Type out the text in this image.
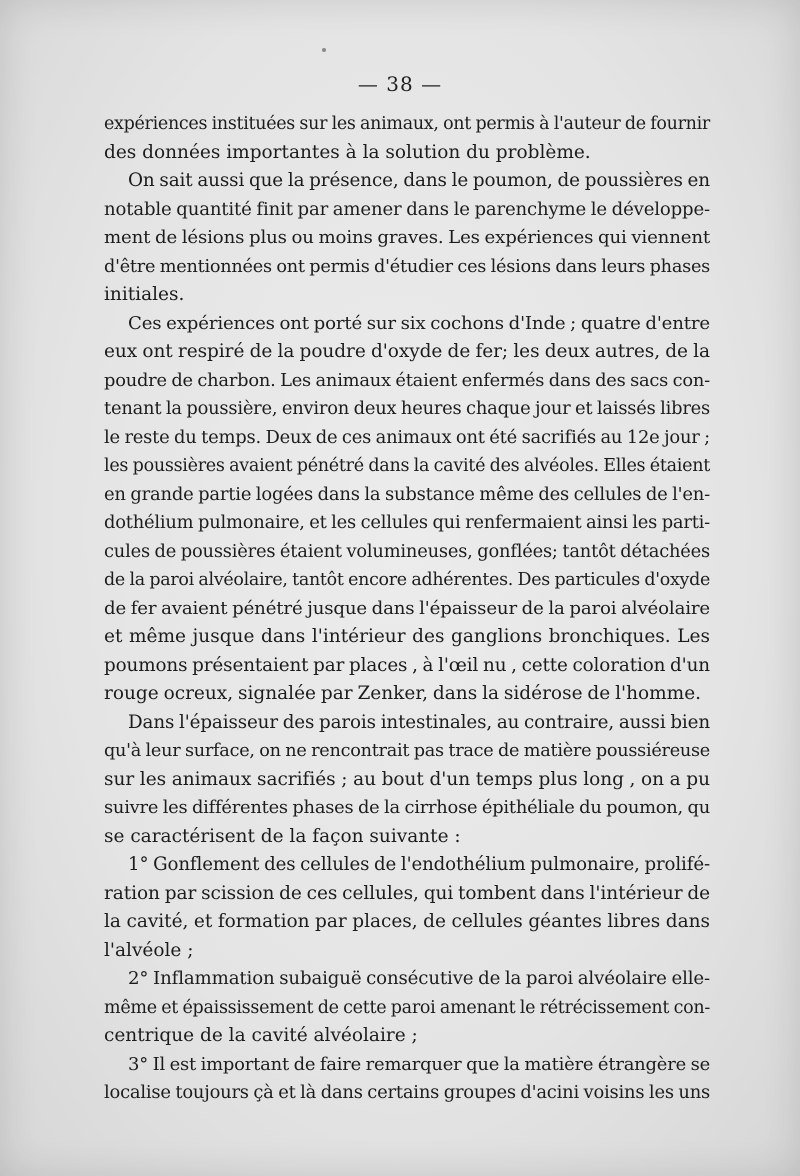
— 38 —
expériences instituées sur les animaux, ont permis à l'auteur de fournir
des données importantes à la solution du problème.
On sait aussi que la présence, dans le poumon, de poussières en
notable quantité finit par amener dans le parenchyme le développe-
ment de lésions plus ou moins graves. Les expériences qui viennent
d'être mentionnées ont permis d'étudier ces lésions dans leurs phases
initiales.
Ces expériences ont porté sur six cochons d'Inde ; quatre d'entre
eux ont respiré de la poudre d'oxyde de fer; les deux autres, de la
poudre de charbon. Les animaux étaient enfermés dans des sacs con-
tenant la poussière, environ deux heures chaque jour et laissés libres
le reste du temps. Deux de ces animaux ont été sacrifiés au 12e jour ;
les poussières avaient pénétré dans la cavité des alvéoles. Elles étaient
en grande partie logées dans la substance même des cellules de l'en-
dothélium pulmonaire, et les cellules qui renfermaient ainsi les parti-
cules de poussières étaient volumineuses, gonflées; tantôt détachées
de la paroi alvéolaire, tantôt encore adhérentes. Des particules d'oxyde
de fer avaient pénétré jusque dans l'épaisseur de la paroi alvéolaire
et même jusque dans l'intérieur des ganglions bronchiques. Les
poumons présentaient par places , à l'œil nu , cette coloration d'un
rouge ocreux, signalée par Zenker, dans la sidérose de l'homme.
Dans l'épaisseur des parois intestinales, au contraire, aussi bien
qu'à leur surface, on ne rencontrait pas trace de matière poussiéreuse
sur les animaux sacrifiés ; au bout d'un temps plus long , on a pu
suivre les différentes phases de la cirrhose épithéliale du poumon, qu
se caractérisent de la façon suivante :
1° Gonflement des cellules de l'endothélium pulmonaire, prolifé-
ration par scission de ces cellules, qui tombent dans l'intérieur de
la cavité, et formation par places, de cellules géantes libres dans
l'alvéole ;
2° Inflammation subaiguë consécutive de la paroi alvéolaire elle-
même et épaississement de cette paroi amenant le rétrécissement con-
centrique de la cavité alvéolaire ;
3° Il est important de faire remarquer que la matière étrangère se
localise toujours çà et là dans certains groupes d'acini voisins les uns
